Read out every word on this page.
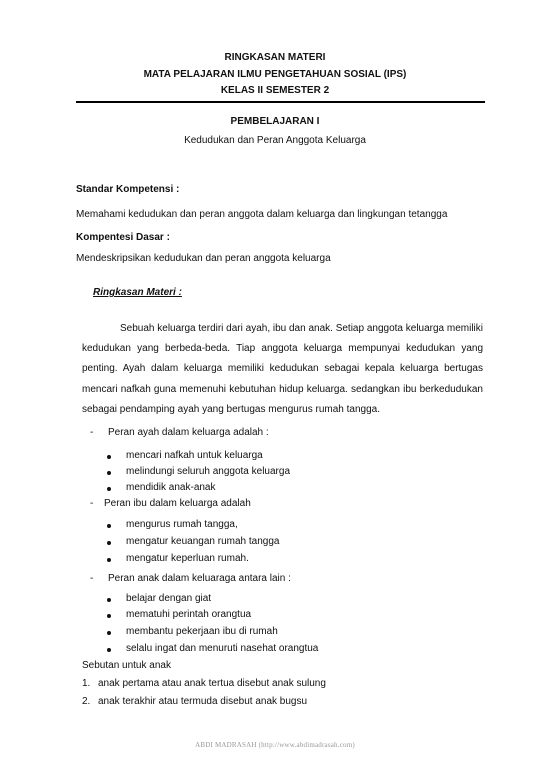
RINGKASAN MATERI
MATA PELAJARAN ILMU PENGETAHUAN SOSIAL (IPS)
KELAS II SEMESTER 2
PEMBELAJARAN I
Kedudukan dan Peran Anggota Keluarga
Standar Kompetensi :
Memahami kedudukan dan peran anggota dalam keluarga dan lingkungan tetangga
Kompentesi Dasar :
Mendeskripsikan kedudukan dan peran anggota keluarga
Ringkasan Materi :
Sebuah keluarga terdiri dari ayah, ibu dan anak. Setiap anggota keluarga memiliki kedudukan yang berbeda-beda. Tiap anggota keluarga mempunyai kedudukan yang penting. Ayah dalam keluarga memiliki kedudukan sebagai kepala keluarga bertugas mencari nafkah guna memenuhi kebutuhan hidup keluarga. sedangkan ibu berkedudukan sebagai pendamping ayah yang bertugas mengurus rumah tangga.
- Peran ayah dalam keluarga adalah :
mencari nafkah untuk keluarga
melindungi seluruh anggota keluarga
mendidik anak-anak
- Peran ibu dalam keluarga adalah
mengurus rumah tangga,
mengatur keuangan rumah tangga
mengatur keperluan rumah.
- Peran anak dalam keluaraga antara lain :
belajar dengan giat
mematuhi perintah orangtua
membantu pekerjaan ibu di rumah
selalu ingat dan menuruti nasehat orangtua
Sebutan untuk anak
1. anak pertama atau anak tertua disebut anak sulung
2. anak terakhir atau termuda disebut anak bugsu
ABDI MADRASAH (http://www.abdimadrasah.com)
